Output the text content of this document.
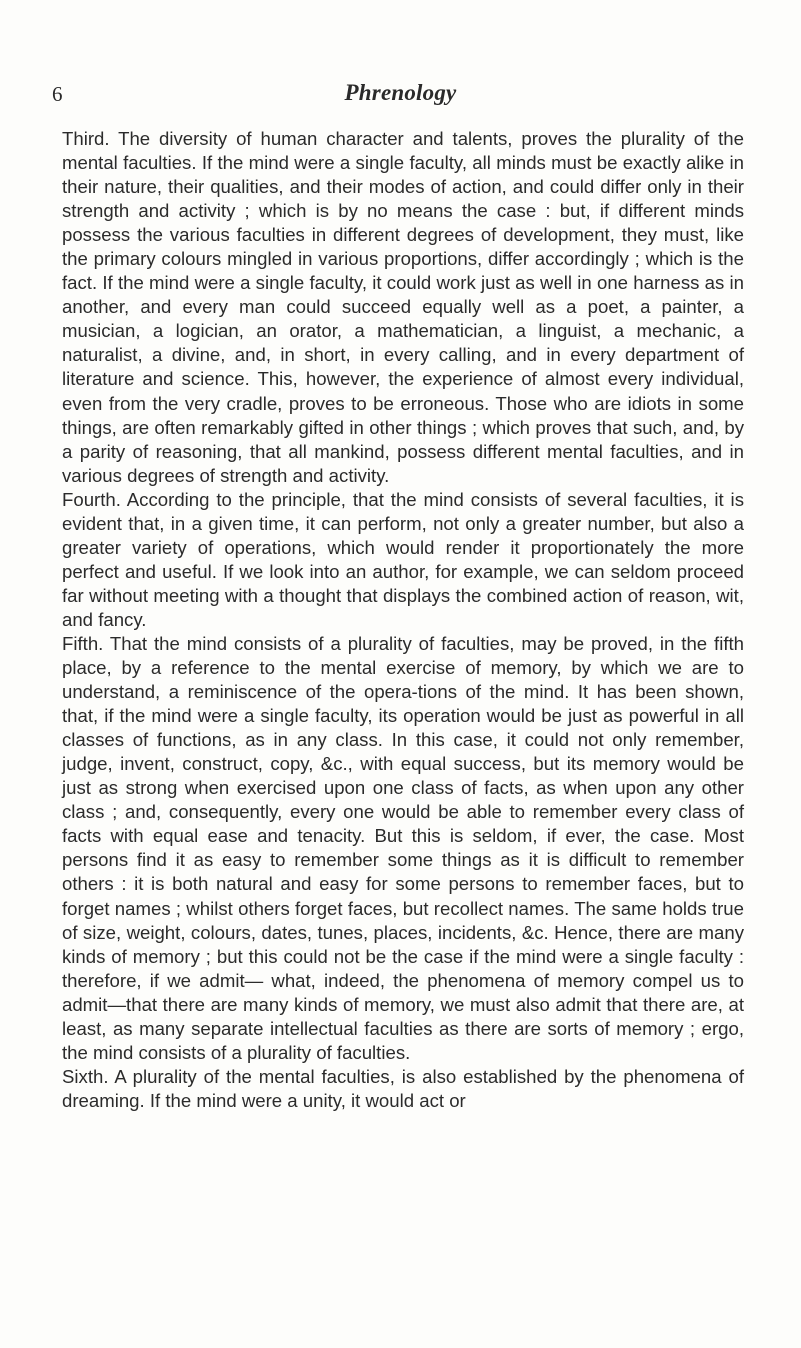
6	Phrenology

Third. The diversity of human character and talents, proves the plurality of the mental faculties. If the mind were a single faculty, all minds must be exactly alike in their nature, their qualities, and their modes of action, and could differ only in their strength and activity ; which is by no means the case : but, if different minds possess the various faculties in different degrees of development, they must, like the primary colours mingled in various proportions, differ accordingly ; which is the fact. If the mind were a single faculty, it could work just as well in one harness as in another, and every man could succeed equally well as a poet, a painter, a musician, a logician, an orator, a mathematician, a linguist, a mechanic, a naturalist, a divine, and, in short, in every calling, and in every department of literature and science. This, however, the experience of almost every individual, even from the very cradle, proves to be erroneous. Those who are idiots in some things, are often remarkably gifted in other things ; which proves that such, and, by a parity of reasoning, that all mankind, possess different mental faculties, and in various degrees of strength and activity.

Fourth. According to the principle, that the mind consists of several faculties, it is evident that, in a given time, it can perform, not only a greater number, but also a greater variety of operations, which would render it proportionately the more perfect and useful. If we look into an author, for example, we can seldom proceed far without meeting with a thought that displays the combined action of reason, wit, and fancy.

Fifth. That the mind consists of a plurality of faculties, may be proved, in the fifth place, by a reference to the mental exercise of memory, by which we are to understand, a reminiscence of the opera-tions of the mind. It has been shown, that, if the mind were a single faculty, its operation would be just as powerful in all classes of functions, as in any class. In this case, it could not only remember, judge, invent, construct, copy, &c., with equal success, but its memory would be just as strong when exercised upon one class of facts, as when upon any other class ; and, consequently, every one would be able to remember every class of facts with equal ease and tenacity. But this is seldom, if ever, the case. Most persons find it as easy to remember some things as it is difficult to remember others : it is both natural and easy for some persons to remember faces, but to forget names ; whilst others forget faces, but recollect names. The same holds true of size, weight, colours, dates, tunes, places, incidents, &c. Hence, there are many kinds of memory ; but this could not be the case if the mind were a single faculty : therefore, if we admit— what, indeed, the phenomena of memory compel us to admit—that there are many kinds of memory, we must also admit that there are, at least, as many separate intellectual faculties as there are sorts of memory ; ergo, the mind consists of a plurality of faculties.

Sixth. A plurality of the mental faculties, is also established by the phenomena of dreaming. If the mind were a unity, it would act or
